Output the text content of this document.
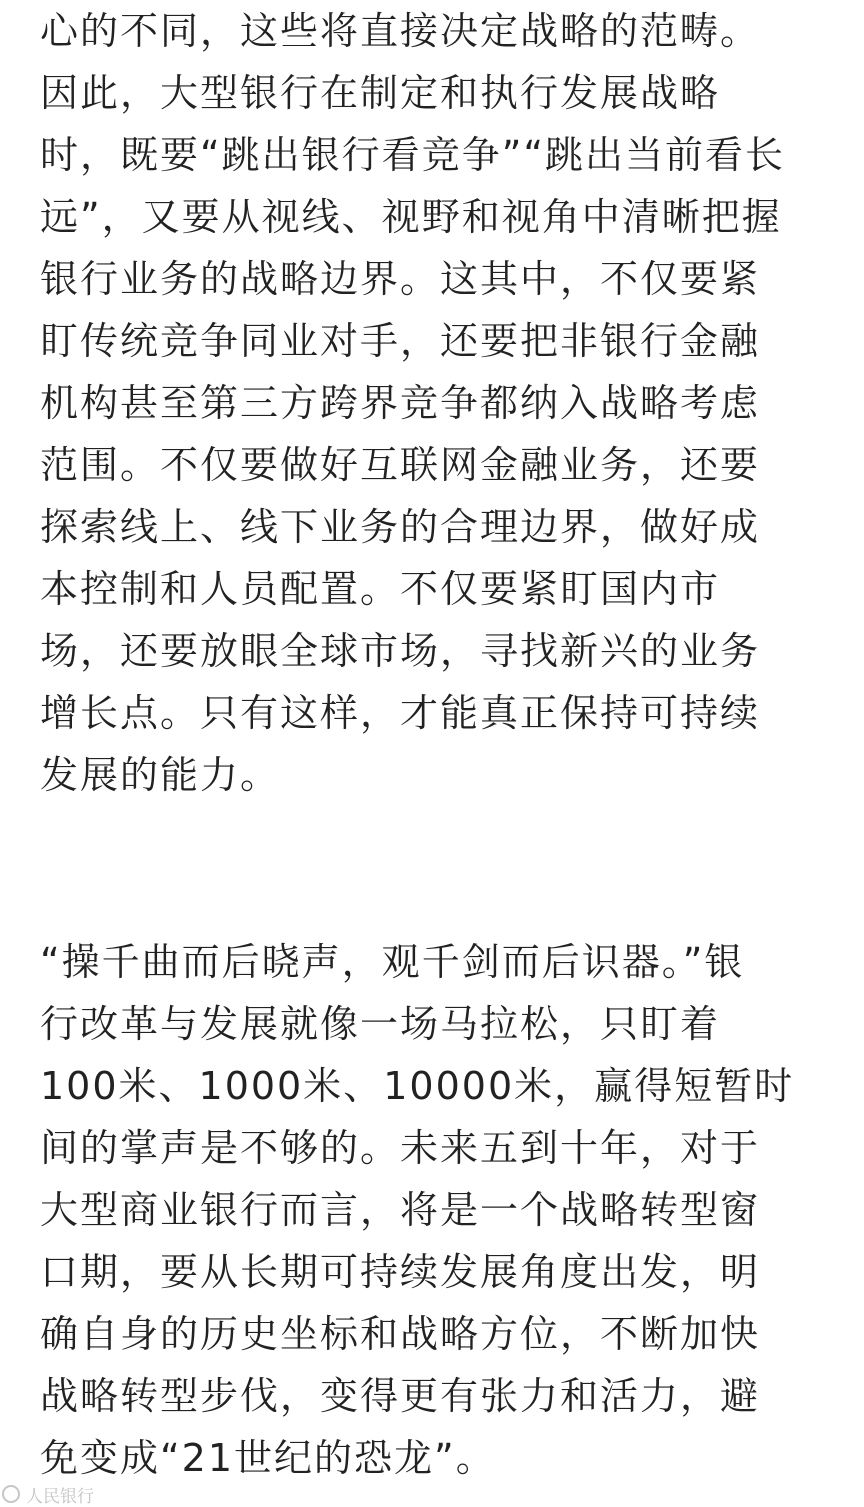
心的不同，这些将直接决定战略的范畴。
因此，大型银行在制定和执行发展战略
时，既要“跳出银行看竞争”“跳出当前看长
远”，又要从视线、视野和视角中清晰把握
银行业务的战略边界。这其中，不仅要紧
盯传统竞争同业对手，还要把非银行金融
机构甚至第三方跨界竞争都纳入战略考虑
范围。不仅要做好互联网金融业务，还要
探索线上、线下业务的合理边界，做好成
本控制和人员配置。不仅要紧盯国内市
场，还要放眼全球市场，寻找新兴的业务
增长点。只有这样，才能真正保持可持续
发展的能力。
“操千曲而后晓声，观千剑而后识器。”银
行改革与发展就像一场马拉松，只盯着
100米、1000米、10000米，赢得短暂时
间的掌声是不够的。未来五到十年，对于
大型商业银行而言，将是一个战略转型窗
口期，要从长期可持续发展角度出发，明
确自身的历史坐标和战略方位，不断加快
战略转型步伐，变得更有张力和活力，避
免变成“21世纪的恐龙”。
人民银行
